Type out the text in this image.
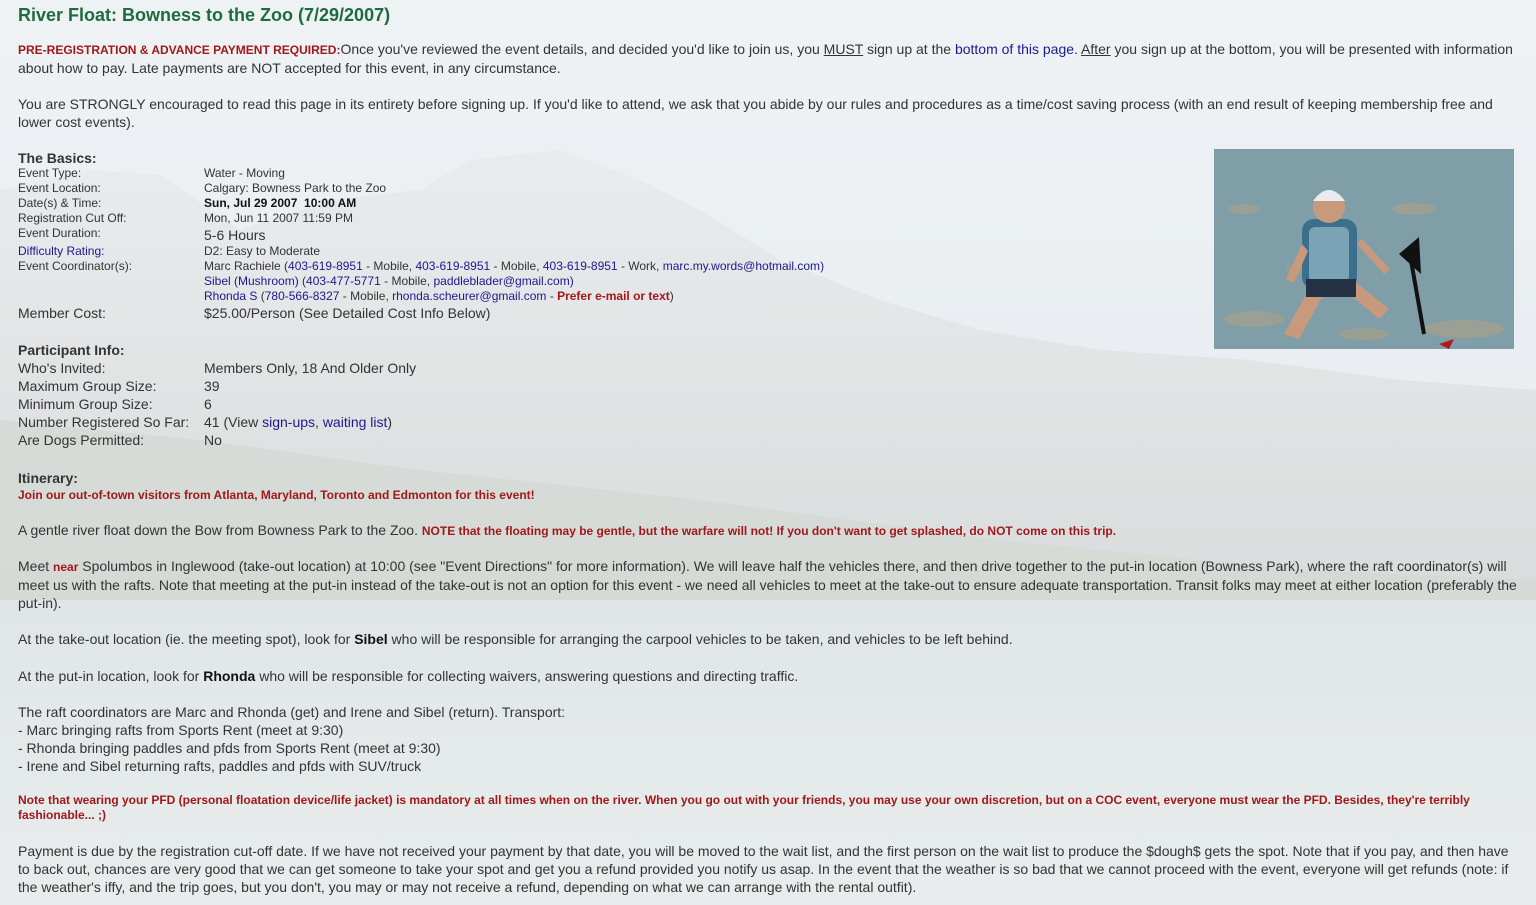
River Float: Bowness to the Zoo (7/29/2007)

PRE-REGISTRATION & ADVANCE PAYMENT REQUIRED:Once you've reviewed the event details, and decided you'd like to join us, you MUST sign up at the bottom of this page. After you sign up at the bottom, you will be presented with information about how to pay. Late payments are NOT accepted for this event, in any circumstance.

You are STRONGLY encouraged to read this page in its entirety before signing up. If you'd like to attend, we ask that you abide by our rules and procedures as a time/cost saving process (with an end result of keeping membership free and lower cost events).

The Basics:
Event Type:	Water - Moving
Event Location:	Calgary: Bowness Park to the Zoo
Date(s) & Time:	Sun, Jul 29 2007  10:00 AM
Registration Cut Off:	Mon, Jun 11 2007 11:59 PM
Event Duration:	5-6 Hours
Difficulty Rating:	D2: Easy to Moderate
Event Coordinator(s):	Marc Rachiele (403-619-8951 - Mobile, 403-619-8951 - Mobile, 403-619-8951 - Work, marc.my.words@hotmail.com)
Sibel (Mushroom) (403-477-5771 - Mobile, paddleblader@gmail.com)
Rhonda S (780-566-8327 - Mobile, rhonda.scheurer@gmail.com - Prefer e-mail or text)
Member Cost:	$25.00/Person (See Detailed Cost Info Below)
Participant Info:
Who's Invited:	Members Only, 18 And Older Only
Maximum Group Size:	39
Minimum Group Size:	6
Number Registered So Far: 41 (View sign-ups, waiting list)
Are Dogs Permitted:	No
Itinerary:
Join our out-of-town visitors from Atlanta, Maryland, Toronto and Edmonton for this event!

A gentle river float down the Bow from Bowness Park to the Zoo. NOTE that the floating may be gentle, but the warfare will not! If you don't want to get splashed, do NOT come on this trip.

Meet near Spolumbos in Inglewood (take-out location) at 10:00 (see "Event Directions" for more information). We will leave half the vehicles there, and then drive together to the put-in location (Bowness Park), where the raft coordinator(s) will meet us with the rafts. Note that meeting at the put-in instead of the take-out is not an option for this event - we need all vehicles to meet at the take-out to ensure adequate transportation. Transit folks may meet at either location (preferably the put-in).

At the take-out location (ie. the meeting spot), look for Sibel who will be responsible for arranging the carpool vehicles to be taken, and vehicles to be left behind.

At the put-in location, look for Rhonda who will be responsible for collecting waivers, answering questions and directing traffic.

The raft coordinators are Marc and Rhonda (get) and Irene and Sibel (return). Transport:
- Marc bringing rafts from Sports Rent (meet at 9:30)
- Rhonda bringing paddles and pfds from Sports Rent (meet at 9:30)
- Irene and Sibel returning rafts, paddles and pfds with SUV/truck
Note that wearing your PFD (personal floatation device/life jacket) is mandatory at all times when on the river. When you go out with your friends, you may use your own discretion, but on a COC event, everyone must wear the PFD. Besides, they're terribly fashionable... ;)

Payment is due by the registration cut-off date. If we have not received your payment by that date, you will be moved to the wait list, and the first person on the wait list to produce the $dough$ gets the spot. Note that if you pay, and then have to back out, chances are very good that we can get someone to take your spot and get you a refund provided you notify us asap. In the event that the weather is so bad that we cannot proceed with the event, everyone will get refunds (note: if the weather's iffy, and the trip goes, but you don't, you may or may not receive a refund, depending on what we can arrange with the rental outfit).
